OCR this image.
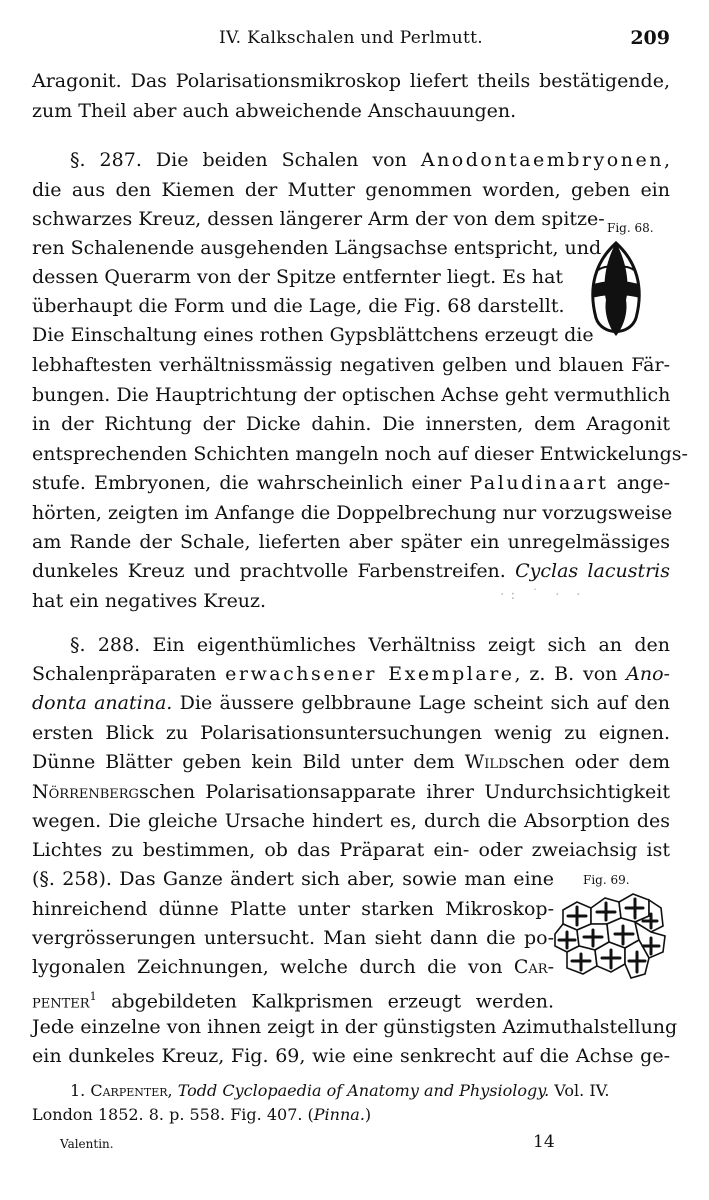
IV. Kalkschalen und Perlmutt.	209
Aragonit. Das Polarisationsmikroskop liefert theils bestätigende,
zum Theil aber auch abweichende Anschauungen.
§. 287. Die beiden Schalen von Anodontaembryonen,
die aus den Kiemen der Mutter genommen worden, geben ein
schwarzes Kreuz, dessen längerer Arm der von dem spitze-
ren Schalenende ausgehenden Längsachse entspricht, und
dessen Querarm von der Spitze entfernter liegt. Es hat
überhaupt die Form und die Lage, die Fig. 68 darstellt.
Die Einschaltung eines rothen Gypsblättchens erzeugt die
lebhaftesten verhältnissmässig negativen gelben und blauen Fär-
bungen. Die Hauptrichtung der optischen Achse geht vermuthlich
in der Richtung der Dicke dahin. Die innersten, dem Aragonit
entsprechenden Schichten mangeln noch auf dieser Entwickelungs-
stufe. Embryonen, die wahrscheinlich einer Paludinaart ange-
hörten, zeigten im Anfange die Doppelbrechung nur vorzugsweise
am Rande der Schale, lieferten aber später ein unregelmässiges
dunkeles Kreuz und prachtvolle Farbenstreifen. Cyclas lacustris
hat ein negatives Kreuz.	·: ˙ · ·
§. 288. Ein eigenthümliches Verhältniss zeigt sich an den
Schalenpräparaten erwachsener Exemplare, z. B. von Ano-
donta anatina. Die äussere gelbbraune Lage scheint sich auf den
ersten Blick zu Polarisationsuntersuchungen wenig zu eignen.
Dünne Blätter geben kein Bild unter dem Wildschen oder dem
Nörrenbergschen Polarisationsapparate ihrer Undurchsichtigkeit
wegen. Die gleiche Ursache hindert es, durch die Absorption des
Lichtes zu bestimmen, ob das Präparat ein- oder zweiachsig ist
(§. 258). Das Ganze ändert sich aber, sowie man eine
hinreichend dünne Platte unter starken Mikroskop-
vergrösserungen untersucht. Man sieht dann die po-
lygonalen Zeichnungen, welche durch die von Car-
penter$^1$ abgebildeten Kalkprismen erzeugt werden.
Jede einzelne von ihnen zeigt in der günstigsten Azimuthalstellung
ein dunkeles Kreuz, Fig. 69, wie eine senkrecht auf die Achse ge-
Fig. 68.
Fig. 69.
1. Carpenter, Todd Cyclopaedia of Anatomy and Physiology. Vol. IV.
London 1852. 8. p. 558. Fig. 407. (Pinna.)
Valentin.	14
